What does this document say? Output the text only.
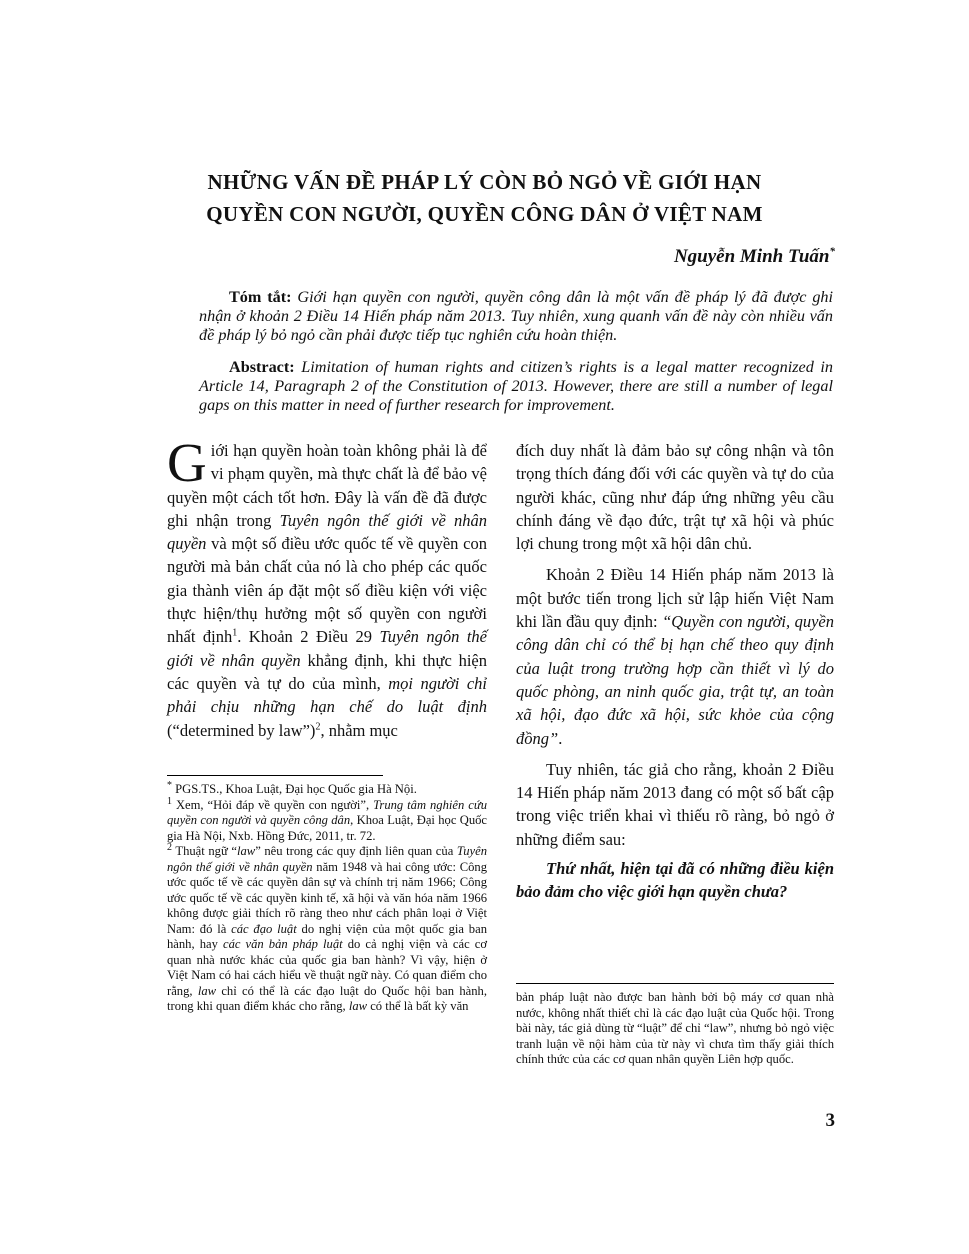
NHỮNG VẤN ĐỀ PHÁP LÝ CÒN BỎ NGỎ VỀ GIỚI HẠN
QUYỀN CON NGƯỜI, QUYỀN CÔNG DÂN Ở VIỆT NAM
Nguyễn Minh Tuấn*

Tóm tắt: Giới hạn quyền con người, quyền công dân là một vấn đề pháp lý đã được ghi nhận ở khoản 2 Điều 14 Hiến pháp năm 2013. Tuy nhiên, xung quanh vấn đề này còn nhiều vấn đề pháp lý bỏ ngỏ cần phải được tiếp tục nghiên cứu hoàn thiện.

Abstract: Limitation of human rights and citizen’s rights is a legal matter recognized in Article 14, Paragraph 2 of the Constitution of 2013. However, there are still a number of legal gaps on this matter in need of further research for improvement.

Giới hạn quyền hoàn toàn không phải là để vi phạm quyền, mà thực chất là để bảo vệ quyền một cách tốt hơn. Đây là vấn đề đã được ghi nhận trong Tuyên ngôn thế giới về nhân quyền và một số điều ước quốc tế về quyền con người mà bản chất của nó là cho phép các quốc gia thành viên áp đặt một số điều kiện với việc thực hiện/thụ hưởng một số quyền con người nhất định$^1$. Khoản 2 Điều 29 Tuyên ngôn thế giới về nhân quyền khẳng định, khi thực hiện các quyền và tự do của mình, mọi người chỉ phải chịu những hạn chế do luật định (“determined by law”)$^2$, nhằm mục

đích duy nhất là đảm bảo sự công nhận và tôn trọng thích đáng đối với các quyền và tự do của người khác, cũng như đáp ứng những yêu cầu chính đáng về đạo đức, trật tự xã hội và phúc lợi chung trong một xã hội dân chủ.

Khoản 2 Điều 14 Hiến pháp năm 2013 là một bước tiến trong lịch sử lập hiến Việt Nam khi lần đầu quy định: “Quyền con người, quyền công dân chỉ có thể bị hạn chế theo quy định của luật trong trường hợp cần thiết vì lý do quốc phòng, an ninh quốc gia, trật tự, an toàn xã hội, đạo đức xã hội, sức khỏe của cộng đồng”.

Tuy nhiên, tác giả cho rằng, khoản 2 Điều 14 Hiến pháp năm 2013 đang có một số bất cập trong việc triển khai vì thiếu rõ ràng, bỏ ngỏ ở những điểm sau:

Thứ nhất, hiện tại đã có những điều kiện bảo đảm cho việc giới hạn quyền chưa?

* PGS.TS., Khoa Luật, Đại học Quốc gia Hà Nội.

$^1$ Xem, “Hỏi đáp về quyền con người”, Trung tâm nghiên cứu quyền con người và quyền công dân, Khoa Luật, Đại học Quốc gia Hà Nội, Nxb. Hồng Đức, 2011, tr. 72.

$^2$ Thuật ngữ “law” nêu trong các quy định liên quan của Tuyên ngôn thế giới về nhân quyền năm 1948 và hai công ước: Công ước quốc tế về các quyền dân sự và chính trị năm 1966; Công ước quốc tế về các quyền kinh tế, xã hội và văn hóa năm 1966 không được giải thích rõ ràng theo như cách phân loại ở Việt Nam: đó là các đạo luật do nghị viện của một quốc gia ban hành, hay các văn bản pháp luật do cả nghị viện và các cơ quan nhà nước khác của quốc gia ban hành? Vì vậy, hiện ở Việt Nam có hai cách hiểu về thuật ngữ này. Có quan điểm cho rằng, law chỉ có thể là các đạo luật do Quốc hội ban hành, trong khi quan điểm khác cho rằng, law có thể là bất kỳ văn

bản pháp luật nào được ban hành bởi bộ máy cơ quan nhà nước, không nhất thiết chỉ là các đạo luật của Quốc hội. Trong bài này, tác giả dùng từ “luật” để chỉ “law”, nhưng bỏ ngỏ việc tranh luận về nội hàm của từ này vì chưa tìm thấy giải thích chính thức của các cơ quan nhân quyền Liên hợp quốc.

3
